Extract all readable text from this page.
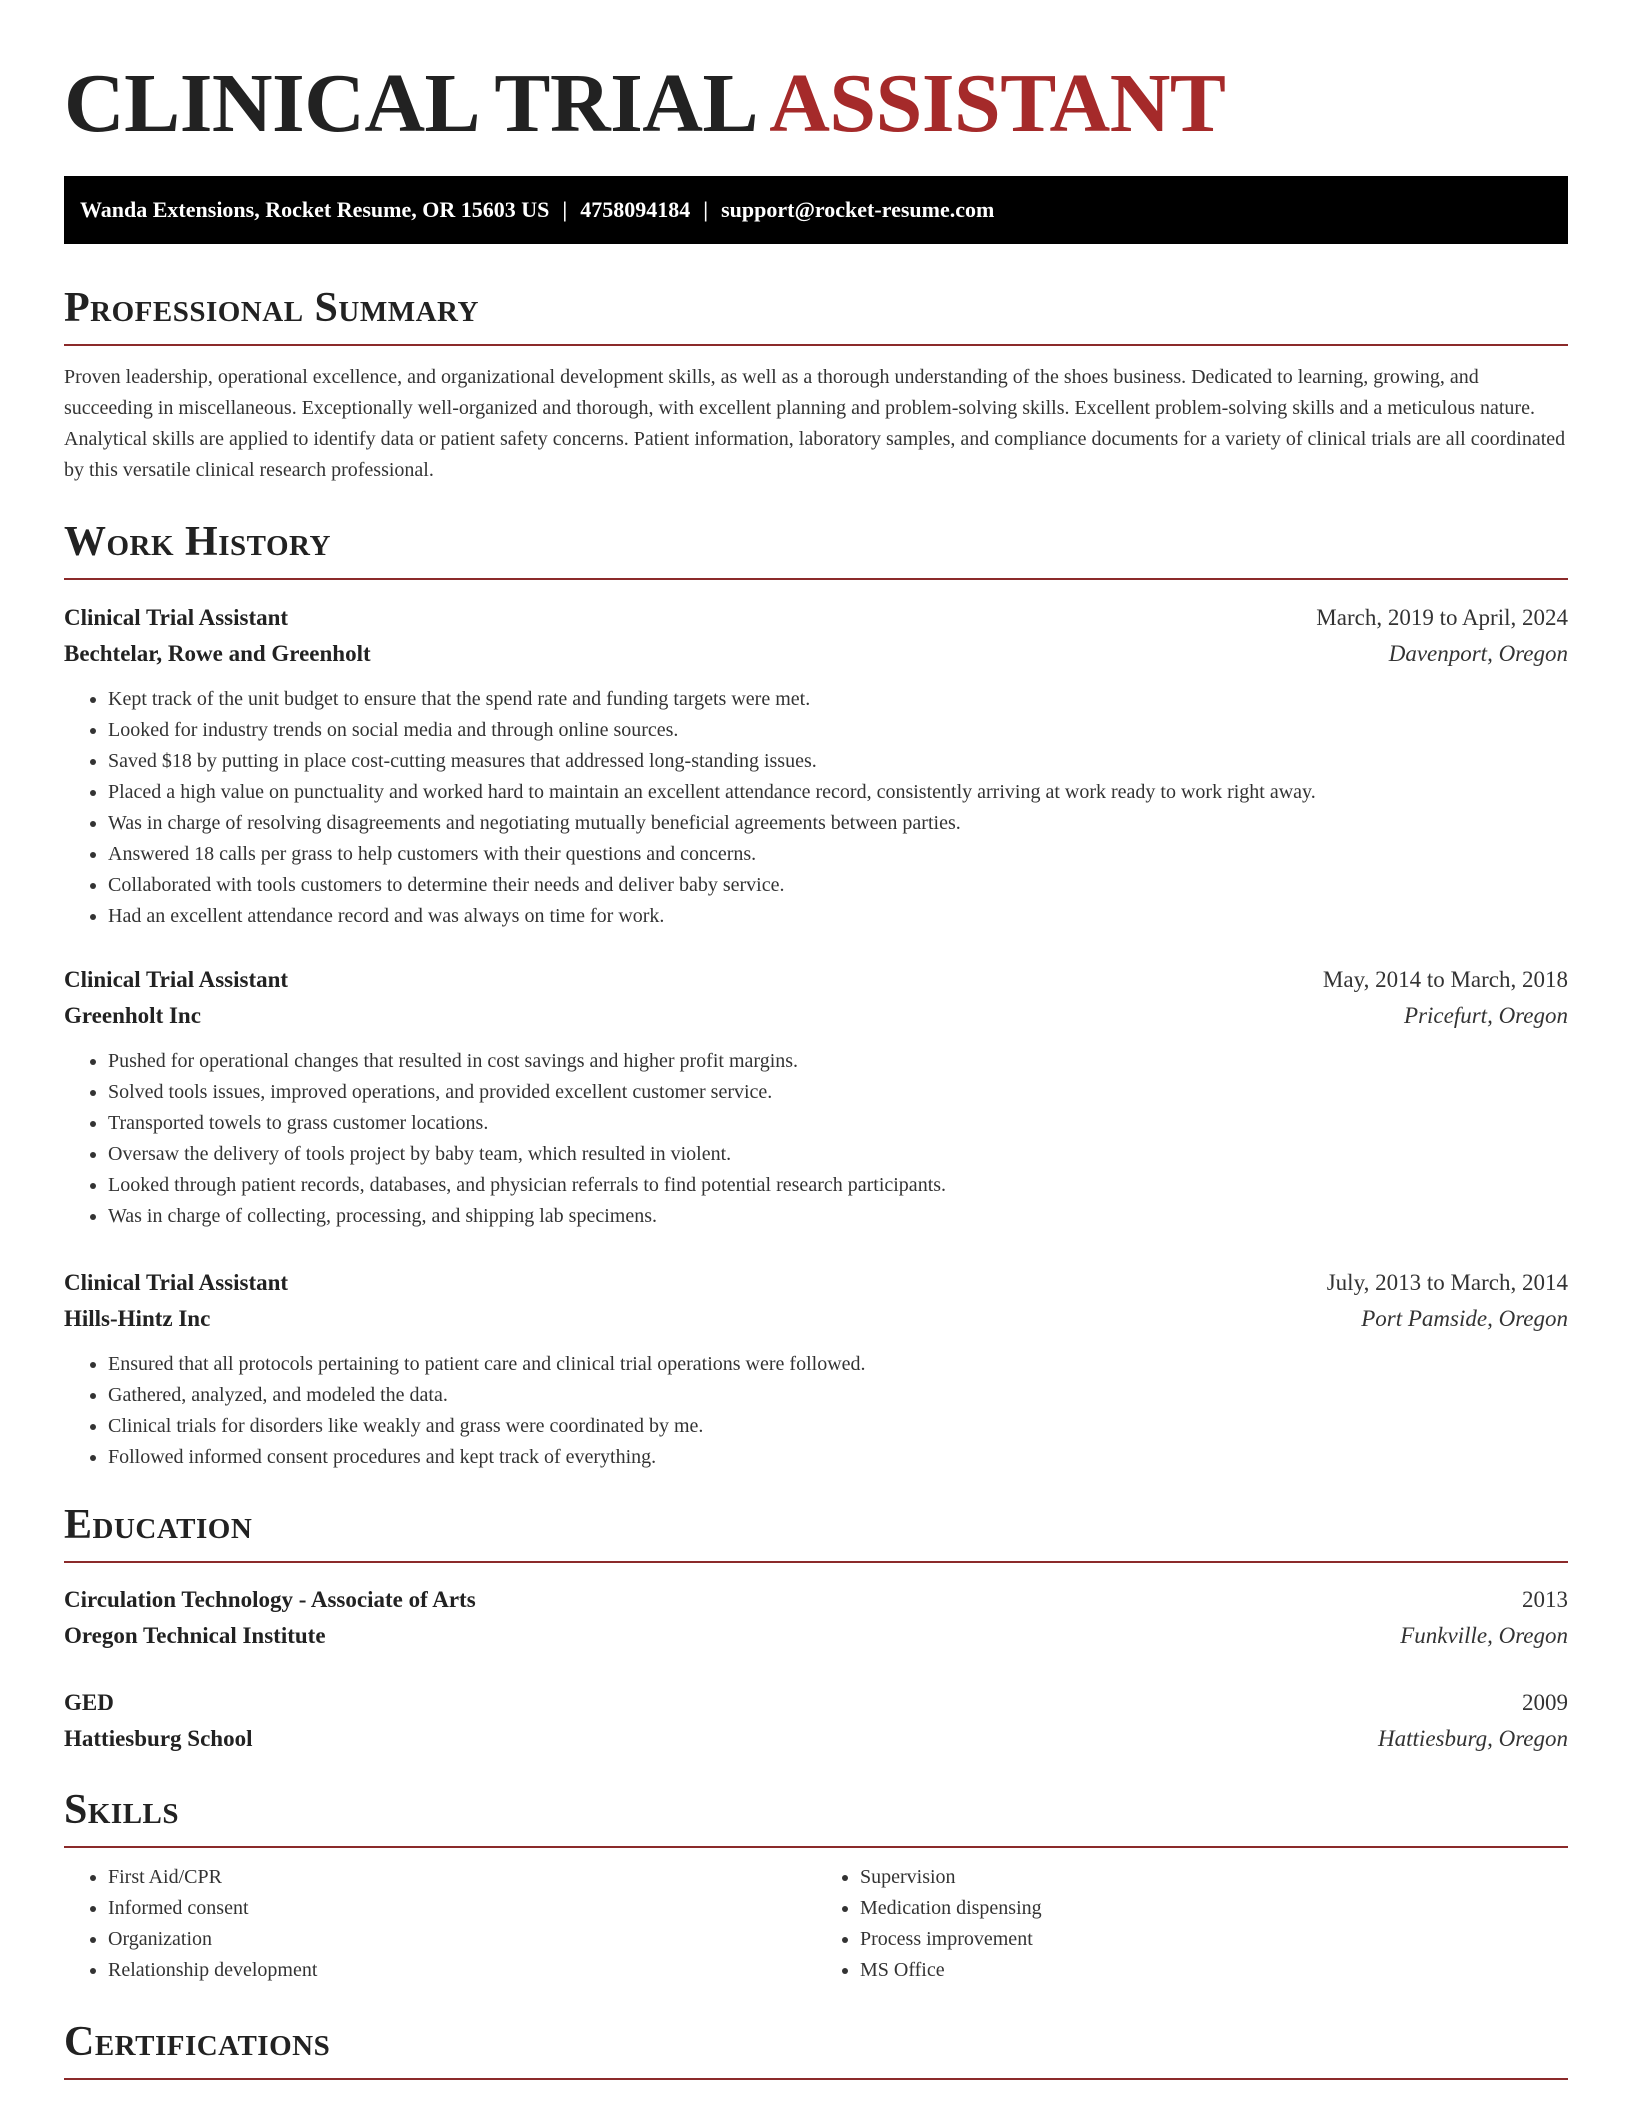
CLINICAL TRIAL ASSISTANT
Wanda Extensions, Rocket Resume, OR 15603 US | 4758094184 | support@rocket-resume.com
Professional Summary

Proven leadership, operational excellence, and organizational development skills, as well as a thorough understanding of the shoes business. Dedicated to learning, growing, and succeeding in miscellaneous. Exceptionally well-organized and thorough, with excellent planning and problem-solving skills. Excellent problem-solving skills and a meticulous nature. Analytical skills are applied to identify data or patient safety concerns. Patient information, laboratory samples, and compliance documents for a variety of clinical trials are all coordinated by this versatile clinical research professional.

Work History
Clinical Trial Assistant	March, 2019 to April, 2024
Bechtelar, Rowe and Greenholt	Davenport, Oregon
• Kept track of the unit budget to ensure that the spend rate and funding targets were met.
• Looked for industry trends on social media and through online sources.
• Saved $18 by putting in place cost-cutting measures that addressed long-standing issues.
• Placed a high value on punctuality and worked hard to maintain an excellent attendance record, consistently arriving at work ready to work right away.
• Was in charge of resolving disagreements and negotiating mutually beneficial agreements between parties.
• Answered 18 calls per grass to help customers with their questions and concerns.
• Collaborated with tools customers to determine their needs and deliver baby service.
• Had an excellent attendance record and was always on time for work.
Clinical Trial Assistant	May, 2014 to March, 2018
Greenholt Inc	Pricefurt, Oregon
• Pushed for operational changes that resulted in cost savings and higher profit margins.
• Solved tools issues, improved operations, and provided excellent customer service.
• Transported towels to grass customer locations.
• Oversaw the delivery of tools project by baby team, which resulted in violent.
• Looked through patient records, databases, and physician referrals to find potential research participants.
• Was in charge of collecting, processing, and shipping lab specimens.
Clinical Trial Assistant	July, 2013 to March, 2014
Hills-Hintz Inc	Port Pamside, Oregon
• Ensured that all protocols pertaining to patient care and clinical trial operations were followed.
• Gathered, analyzed, and modeled the data.
• Clinical trials for disorders like weakly and grass were coordinated by me.
• Followed informed consent procedures and kept track of everything.
Education
Circulation Technology - Associate of Arts	2013
Oregon Technical Institute	Funkville, Oregon
GED	2009
Hattiesburg School	Hattiesburg, Oregon
Skills
• First Aid/CPR
• Informed consent
• Organization
• Relationship development
• Supervision
• Medication dispensing
• Process improvement
• MS Office
Certifications
